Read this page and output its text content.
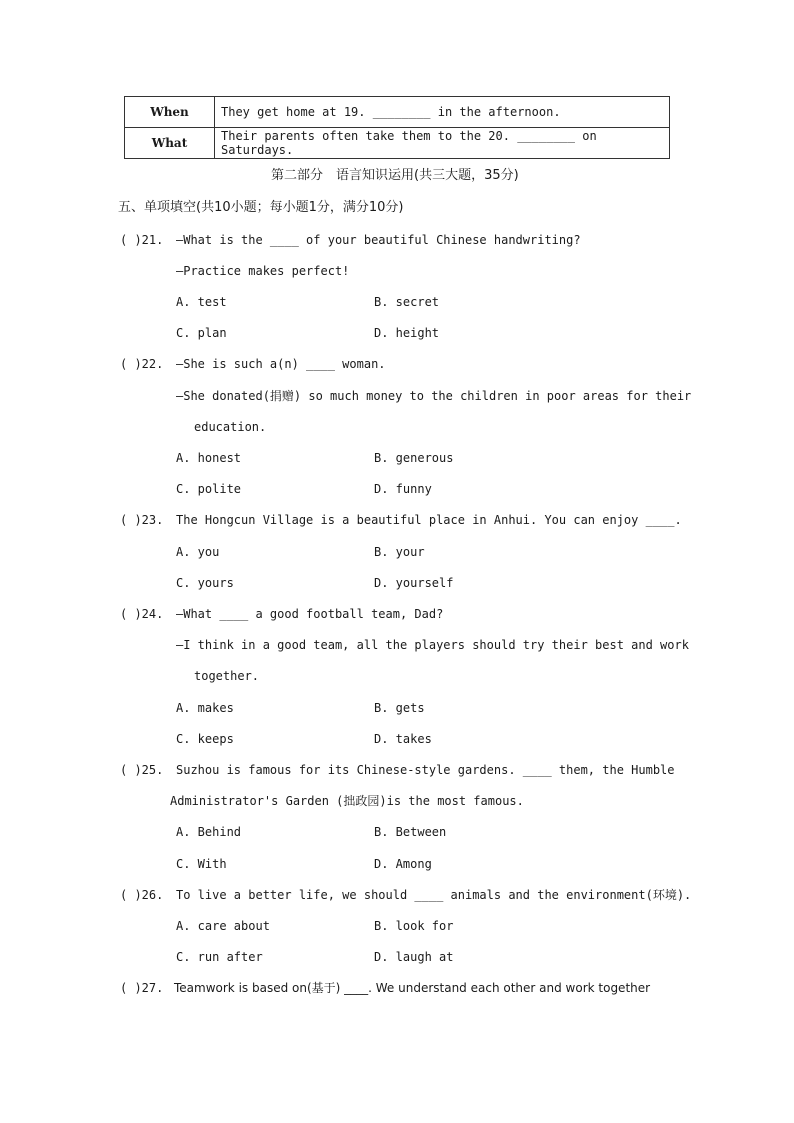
When	They get home at 19. ________ in the afternoon.
What	Their parents often take them to the 20. ________ on Saturdays.
第二部分　语言知识运用(共三大题，35分)
五、单项填空(共10小题；每小题1分，满分10分)
( )21. —What is the ____ of your beautiful Chinese handwriting?
—Practice makes perfect!
A. test	B. secret
C. plan	D. height
( )22. —She is such a(n) ____ woman.
—She donated(捐赠) so much money to the children in poor areas for their
education.
A. honest	B. generous
C. polite	D. funny
( )23. The Hongcun Village is a beautiful place in Anhui. You can enjoy ____.
A. you	B. your
C. yours	D. yourself
( )24. —What ____ a good football team, Dad?
—I think in a good team, all the players should try their best and work
together.
A. makes	B. gets
C. keeps	D. takes
( )25. Suzhou is famous for its Chinese-style gardens. ____ them, the Humble
Administrator's Garden (拙政园)is the most famous.
A. Behind	B. Between
C. With	D. Among
( )26. To live a better life, we should ____ animals and the environment(环境).
A. care about	B. look for
C. run after	D. laugh at
( )27. Teamwork is based on(基于) ____. We understand each other and work together
